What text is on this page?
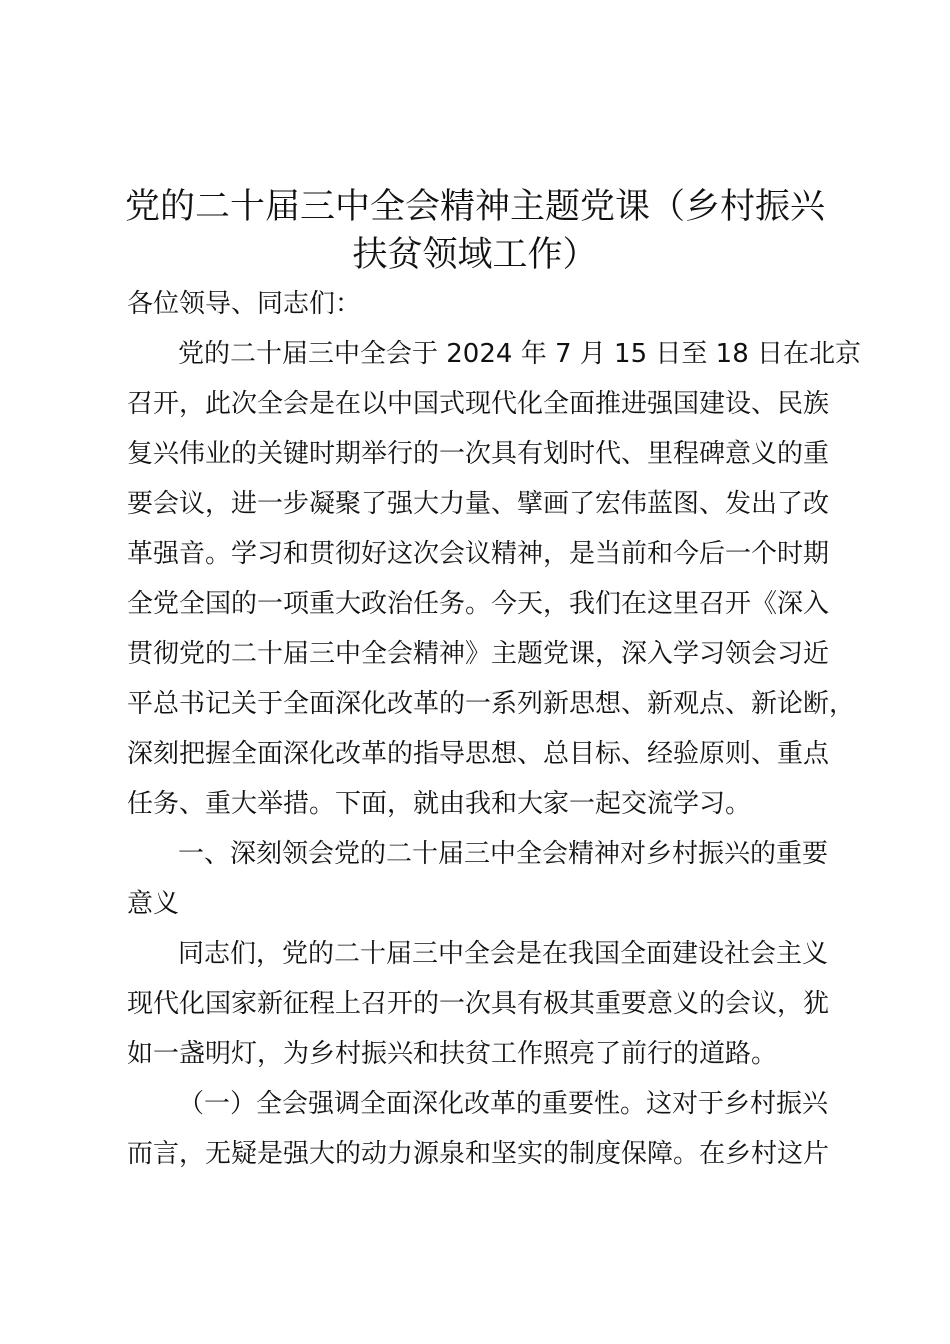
党的二十届三中全会精神主题党课（乡村振兴
扶贫领域工作）
各位领导、同志们：
党的二十届三中全会于 2024 年 7 月 15 日至 18 日在北京
召开，此次全会是在以中国式现代化全面推进强国建设、民族
复兴伟业的关键时期举行的一次具有划时代、里程碑意义的重
要会议，进一步凝聚了强大力量、擘画了宏伟蓝图、发出了改
革强音。学习和贯彻好这次会议精神，是当前和今后一个时期
全党全国的一项重大政治任务。今天，我们在这里召开《深入
贯彻党的二十届三中全会精神》主题党课，深入学习领会习近
平总书记关于全面深化改革的一系列新思想、新观点、新论断，
深刻把握全面深化改革的指导思想、总目标、经验原则、重点
任务、重大举措。下面，就由我和大家一起交流学习。
一、深刻领会党的二十届三中全会精神对乡村振兴的重要
意义
同志们，党的二十届三中全会是在我国全面建设社会主义
现代化国家新征程上召开的一次具有极其重要意义的会议，犹
如一盏明灯，为乡村振兴和扶贫工作照亮了前行的道路。
（一）全会强调全面深化改革的重要性。这对于乡村振兴
而言，无疑是强大的动力源泉和坚实的制度保障。在乡村这片
